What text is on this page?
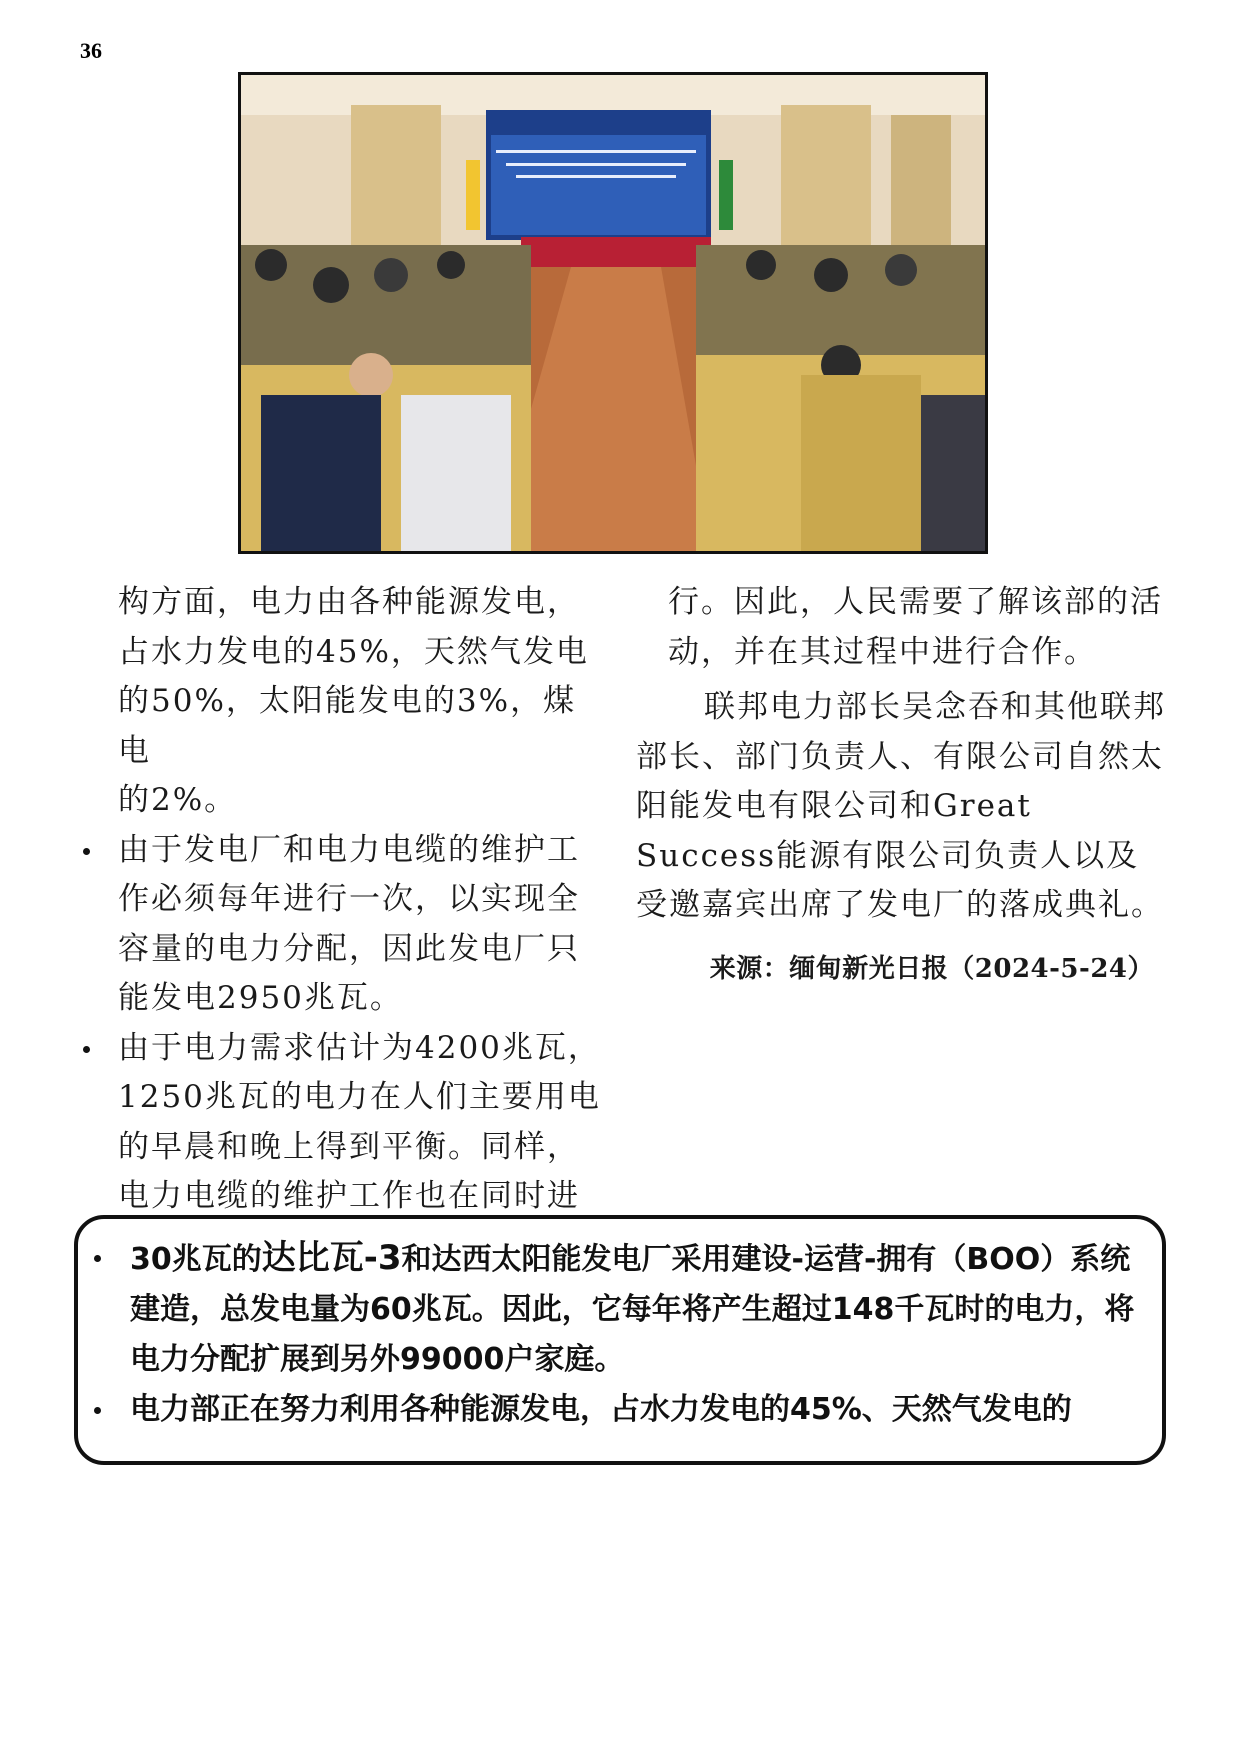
36

构方面，电力由各种能源发电，

占水力发电的45%，天然气发电

的50%，太阳能发电的3%，煤电

的2%。

由于发电厂和电力电缆的维护工作必须每年进行一次，以实现全容量的电力分配，因此发电厂只能发电2950兆瓦。

由于电力需求估计为4200兆瓦，1250兆瓦的电力在人们主要用电的早晨和晚上得到平衡。同样，电力电缆的维护工作也在同时进

行。因此，人民需要了解该部的活动，并在其过程中进行合作。

联邦电力部长吴念吞和其他联邦部长、部门负责人、有限公司自然太阳能发电有限公司和Great Success能源有限公司负责人以及受邀嘉宾出席了发电厂的落成典礼。

来源：缅甸新光日报（2024-5-24）

30兆瓦的达比瓦-3和达西太阳能发电厂采用建设-运营-拥有（BOO）系统建造，总发电量为60兆瓦。因此，它每年将产生超过148千瓦时的电力，将电力分配扩展到另外99000户家庭。

电力部正在努力利用各种能源发电，占水力发电的45%、天然气发电的
